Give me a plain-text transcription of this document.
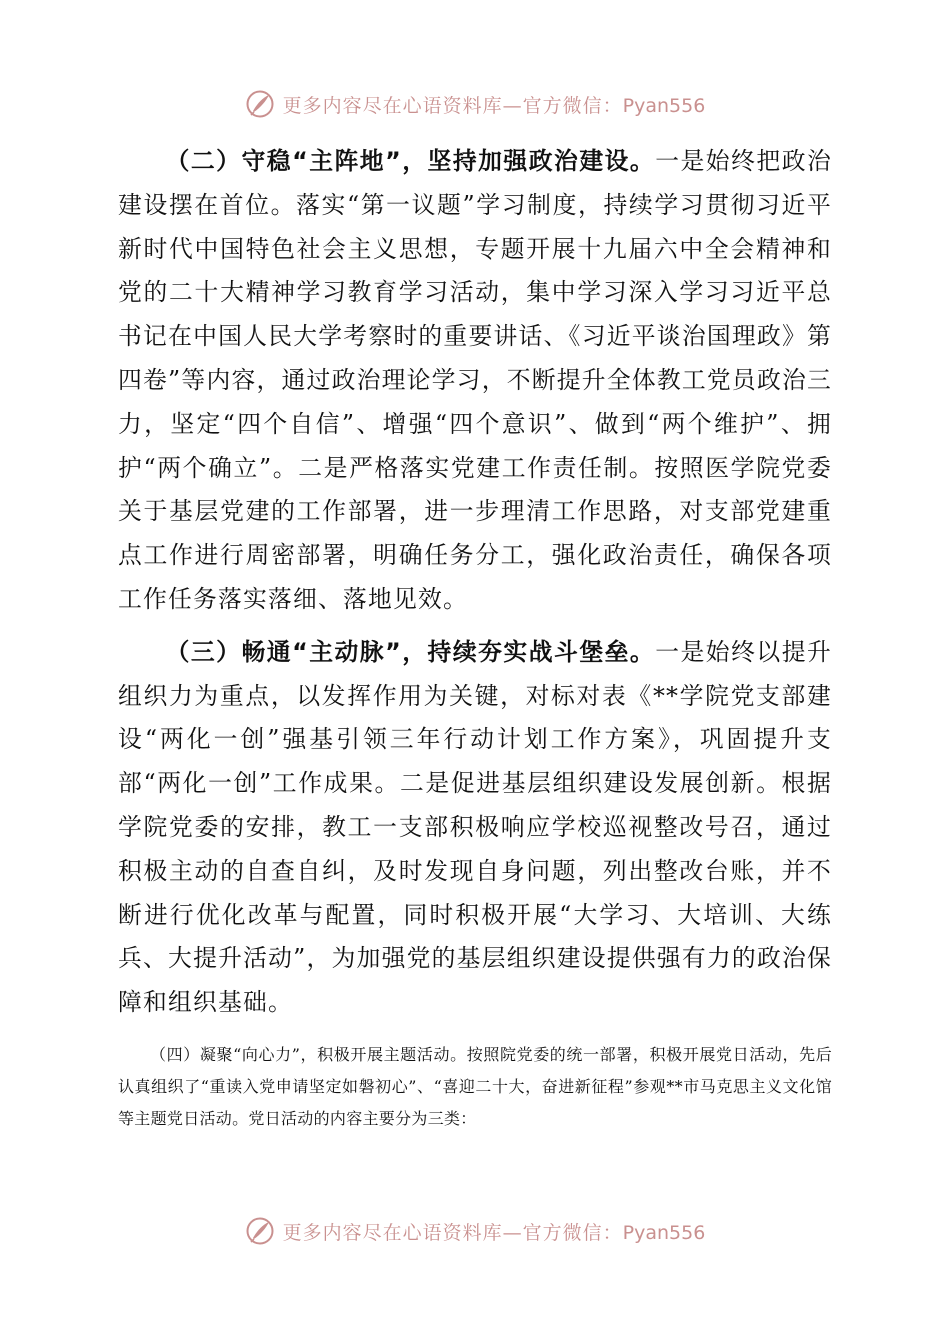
更多内容尽在心语资料库—官方微信：Pyan556

（二）守稳“主阵地”，坚持加强政治建设。一是始终把政治建设摆在首位。落实“第一议题”学习制度，持续学习贯彻习近平新时代中国特色社会主义思想，专题开展十九届六中全会精神和党的二十大精神学习教育学习活动，集中学习深入学习习近平总书记在中国人民大学考察时的重要讲话、《习近平谈治国理政》第四卷”等内容，通过政治理论学习，不断提升全体教工党员政治三力，坚定“四个自信”、增强“四个意识”、做到“两个维护”、拥护“两个确立”。二是严格落实党建工作责任制。按照医学院党委关于基层党建的工作部署，进一步理清工作思路，对支部党建重点工作进行周密部署，明确任务分工，强化政治责任，确保各项工作任务落实落细、落地见效。

（三）畅通“主动脉”，持续夯实战斗堡垒。一是始终以提升组织力为重点，以发挥作用为关键，对标对表《**学院党支部建设“两化一创”强基引领三年行动计划工作方案》，巩固提升支部“两化一创”工作成果。二是促进基层组织建设发展创新。根据学院党委的安排，教工一支部积极响应学校巡视整改号召，通过积极主动的自查自纠，及时发现自身问题，列出整改台账，并不断进行优化改革与配置，同时积极开展“大学习、大培训、大练兵、大提升活动”，为加强党的基层组织建设提供强有力的政治保障和组织基础。

（四）凝聚“向心力”，积极开展主题活动。按照院党委的统一部署，积极开展党日活动，先后认真组织了“重读入党申请坚定如磐初心”、“喜迎二十大，奋进新征程”参观**市马克思主义文化馆等主题党日活动。党日活动的内容主要分为三类：

更多内容尽在心语资料库—官方微信：Pyan556
